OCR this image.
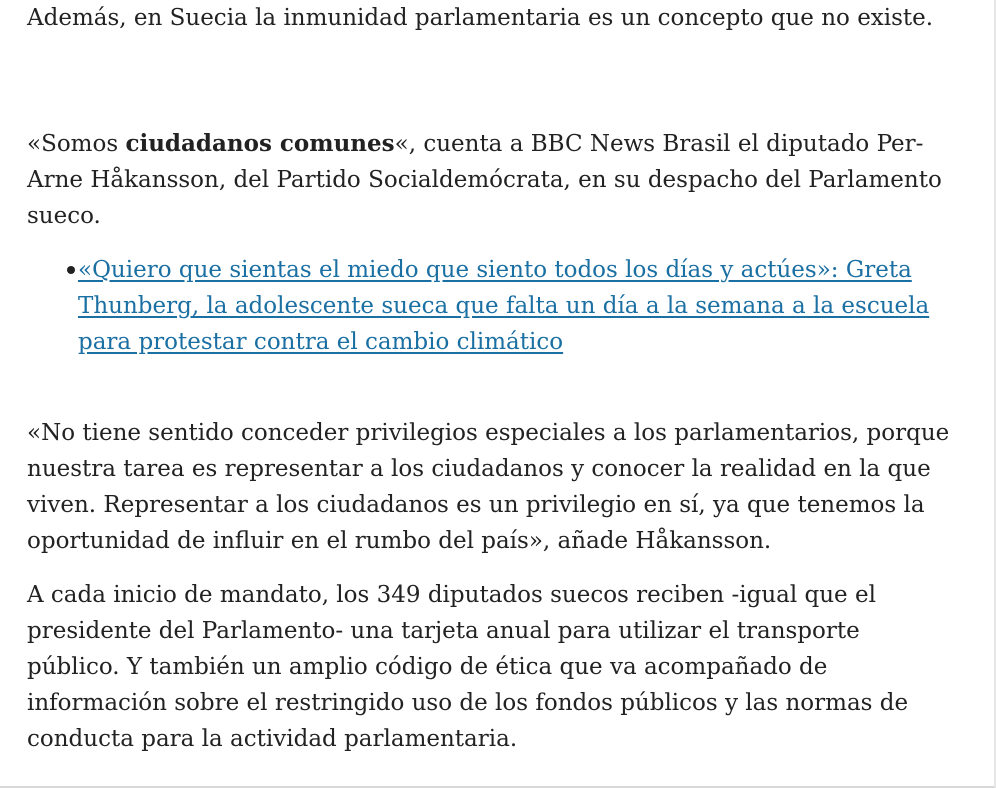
Además, en Suecia la inmunidad parlamentaria es un concepto que no existe.

«Somos ciudadanos comunes«, cuenta a BBC News Brasil el diputado Per-Arne Håkansson, del Partido Socialdemócrata, en su despacho del Parlamento sueco.

«Quiero que sientas el miedo que siento todos los días y actúes»: Greta Thunberg, la adolescente sueca que falta un día a la semana a la escuela para protestar contra el cambio climático

«No tiene sentido conceder privilegios especiales a los parlamentarios, porque nuestra tarea es representar a los ciudadanos y conocer la realidad en la que viven. Representar a los ciudadanos es un privilegio en sí, ya que tenemos la oportunidad de influir en el rumbo del país», añade Håkansson.

A cada inicio de mandato, los 349 diputados suecos reciben -igual que el presidente del Parlamento- una tarjeta anual para utilizar el transporte público. Y también un amplio código de ética que va acompañado de información sobre el restringido uso de los fondos públicos y las normas de conducta para la actividad parlamentaria.
